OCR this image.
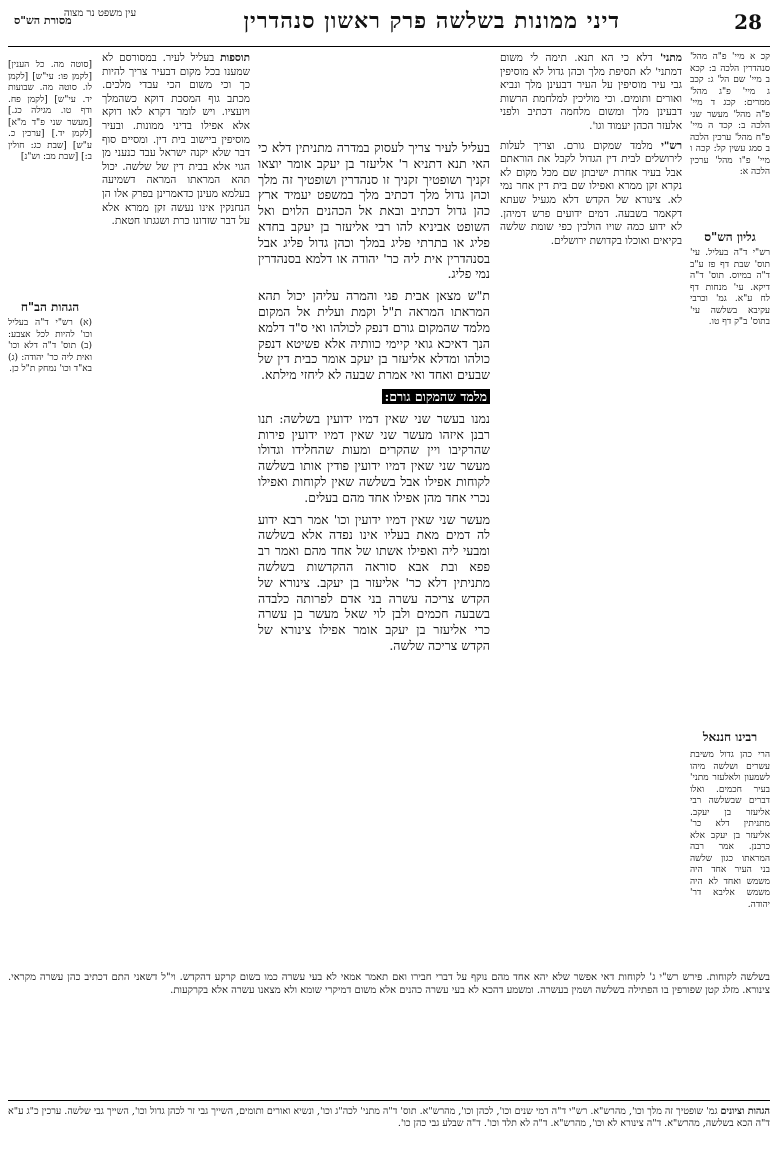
28
דיני ממונות בשלשה פרק ראשון סנהדרין
עין משפט נר מצוה
מסורת הש"ס
קכ א מיי' פ"ה מהל' סנהדרין הלכה ב: קכא ב מיי' שם הל' ג: קכב ג מיי' פ"ג מהל' ממרים: קכג ד מיי' פ"ה מהל' מעשר שני הלכה ב: קכד ה מיי' פ"ח מהל' ערכין הלכה ב סמג עשין קל: קכה ו מיי' פ"ו מהל' ערכין הלכה א:
גליון הש"ס
רש"י ד"ה בעליל. עי' תוס' שבת דף פז ע"ב ד"ה במיוס. תוס' ד"ה דיקא. עי' מנחות דף לח ע"א. גמ' וכרבי עקיבא בשלשה עי' בתוס' ב"ק דף טו.
רבינו חננאל
הרי כהן גדול משיבת עשרים ושלשה מיהו לשמעון ולאלעזר מתני' בעיר חכמים. ואלו דברים שבשלשה רבי אליעזר בן יעקב. מתניתין דלא כר' אליעזר בן יעקב אלא כרבנן. אמר רבה המראתו כגון שלשה בני העיר אחד היה משמש ואחד לא היה משמש אליבא דר' יהודה.

מתני' דלא כי הא תנא. תימה לי משום דמתני' לא תסיפת מלך וכהן גדול לא מוסיפין גבי עיר מוסיפין על העיר דבעינן מלך ונביא ואורים ותומים. וכי מוליכין למלחמת הרשות דבעינן מלך ומשום מלחמה דכתיב ולפני אלעזר הכהן יעמוד וגו'.

רש"י מלמד שמקום גורם. וצריך לעלות לירושלים לבית דין הגדול לקבל את הוראתם אבל בעיר אחרת ישיבתן שם מכל מקום לא נקרא זקן ממרא ואפילו שם בית דין אחר נמי לא. צינורא של הקדש דלא מגעיל שעתא דקאמר בשבעה. דמים ידועים פרש דמיהן. לא ידוע כמה שויו הולכין כפי שומת שלשה בקיאים ואוכלו בקדושת ירושלים.

בעליל לעיר צריך לעסוק במדרה מתניתין דלא כי האי תנא דתניא ר' אליעזר בן יעקב אומר יוצאו זקניך ושופטיך זקניך זו סנהדרין ושופטיך זה מלך וכהן גדול מלך דכתיב מלך במשפט יעמיד ארץ כהן גדול דכתיב ובאת אל הכהנים הלוים ואל השופט אביניא להו רבי אליעזר בן יעקב בחדא פליג או בתרתי פליג במלך וכהן גדול פליג אבל בסנהדרין אית ליה כר' יהודה או דלמא בסנהדרין נמי פליג.

ת"ש מצאן אבית פגי והמרה עליהן יכול תהא המראתו המראה ת"ל וקמת ועלית אל המקום מלמד שהמקום גורם דנפק לכולהו ואי ס"ד דלמא הנך דאיכא גואי קיימי כוותיה אלא פשיטא דנפק כולהו ומדלא אליעזר בן יעקב אומר כבית דין של שבעים ואחד ואי אמרת שבעה לא ליחזי מילתא.

מלמד שהמקום גורם:

נמנו בעשר שני שאין דמיו ידועין בשלשה: תנו רבנן איזהו מעשר שני שאין דמיו ידועין פירות שהרקיבו ויין שהקרים ומעות שהחלידו וגדולו מעשר שני שאין דמיו ידועין פודין אותו בשלשה לקוחות אפילו אבל בשלשה שאין לקוחות ואפילו נכרי אחד מהן אפילו אחד מהם בעלים.

מעשר שני שאין דמיו ידועין וכו' אמר רבא ידוע לה דמים מאת בעליו אינו נפדה אלא בשלשה ומבעי ליה ואפילו אשתו של אחד מהם ואמר רב פפא ובת אבא סוראה ההקדשות בשלשה מתניתין דלא כר' אליעזר בן יעקב. צינורא של הקדש צריכה עשרה בני אדם לפרותה כלבדה בשבעה חכמים ולבן לוי שאל מעשר בן עשרה כרי אליעזר בן יעקב אומר אפילו צינורא של הקדש צריכה שלשה.

תוספות בעליל לעיר. במסורסם לא שמענו בכל מקום דבעיר צריך להיות כך וכי משום הכי עבדי מלכים. מכתב גוף המסכת דוקא כשהמלך ויועציו. ויש לומר דקרא לאו דוקא אלא אפילו בדיני ממונות. ובעיר מוסיפין ביישוב בית דין. ומסיים סוף דבר שלא יקנה ישראל עבד כנעני מן הגוי אלא בבית דין של שלשה. יכול תהא המראתו המראה דשמיעה בעלמא מעינן כדאמרינן בפרק אלו הן הנחנקין אינו נעשה זקן ממרא אלא על דבר שזדונו כרת ושגגתו חטאת.

[סוטה מה. כל הענין] [לקמן פו: עי"ש] [לקמן לו. סוטה מה. שבועות יד. עי"ש] [לקמן פח. ודף טו. מגילה כג.] [מעשר שני פ"ד מ"א] [לקמן יד.] [ערכין כ. ע"ש] [שבת כג: חולין ב:] [שבת מב: וש"נ]
הגהות הב"ח
(א) רש"י ד"ה בעליל וכו' להיות לכל אצבע: (ב) תוס' ד"ה דלא וכו' ואית ליה כר' יהודה: (ג) בא"ד וכו' נמחק ת"ל כן.
בשלשה לקוחות. פירש רש"י ג' לקוחות דאי אפשר שלא יהא אחד מהם נוקף על דברי חבירו ואם תאמר אמאי לא בעי עשרה כמו בשום קרקע דהקדש. וי"ל דשאני התם דכתיב כהן עשרה מקראי. צינורא. מזלג קטן שפורפין בו הפתילה בשלשה ושמין בעשרה. ומשמע דהכא לא בעי עשרה כהנים אלא משום דמיקרי שומא ולא מצאנו עשרה אלא בקרקעות.
הגהות וציונים גמ' שופטיך זה מלך וכו', מהרש"א. רש"י ד"ה דמי שנים וכו', לכהן וכו', מהרש"א. תוס' ד"ה מתני' לכה"ג וכו', ונשיא ואורים ותומים, השייך גבי זר לכהן גדול וכו', השייך גבי שלשה. ערכין כ"ג ע"א ד"ה הכא בשלשה, מהרש"א. ד"ה צינורא לא וכו', מהרש"א. ד"ה לא תלד וכו'. ד"ה שבלע גבי כהן כו'.
